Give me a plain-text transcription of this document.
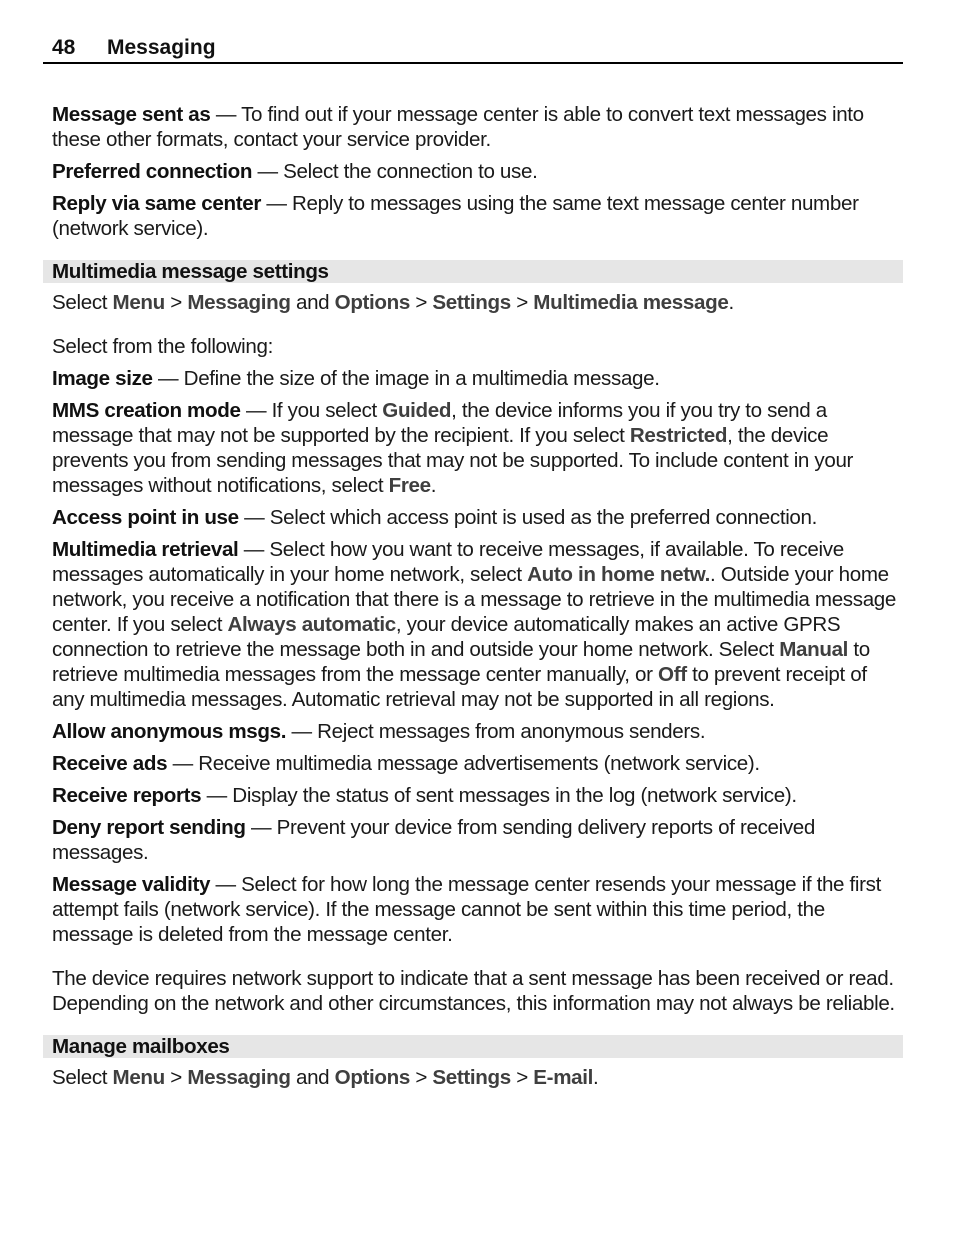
48 Messaging

Message sent as — To find out if your message center is able to convert text messages into these other formats, contact your service provider.

Preferred connection — Select the connection to use.

Reply via same center — Reply to messages using the same text message center number (network service).

Multimedia message settings

Select Menu > Messaging and Options > Settings > Multimedia message.

Select from the following:

Image size — Define the size of the image in a multimedia message.

MMS creation mode — If you select Guided, the device informs you if you try to send a message that may not be supported by the recipient. If you select Restricted, the device prevents you from sending messages that may not be supported. To include content in your messages without notifications, select Free.

Access point in use — Select which access point is used as the preferred connection.

Multimedia retrieval — Select how you want to receive messages, if available. To receive messages automatically in your home network, select Auto in home netw.. Outside your home network, you receive a notification that there is a message to retrieve in the multimedia message center. If you select Always automatic, your device automatically makes an active GPRS connection to retrieve the message both in and outside your home network. Select Manual to retrieve multimedia messages from the message center manually, or Off to prevent receipt of any multimedia messages. Automatic retrieval may not be supported in all regions.

Allow anonymous msgs. — Reject messages from anonymous senders.

Receive ads — Receive multimedia message advertisements (network service).

Receive reports — Display the status of sent messages in the log (network service).

Deny report sending — Prevent your device from sending delivery reports of received messages.

Message validity — Select for how long the message center resends your message if the first attempt fails (network service). If the message cannot be sent within this time period, the message is deleted from the message center.

The device requires network support to indicate that a sent message has been received or read. Depending on the network and other circumstances, this information may not always be reliable.

Manage mailboxes

Select Menu > Messaging and Options > Settings > E-mail.
